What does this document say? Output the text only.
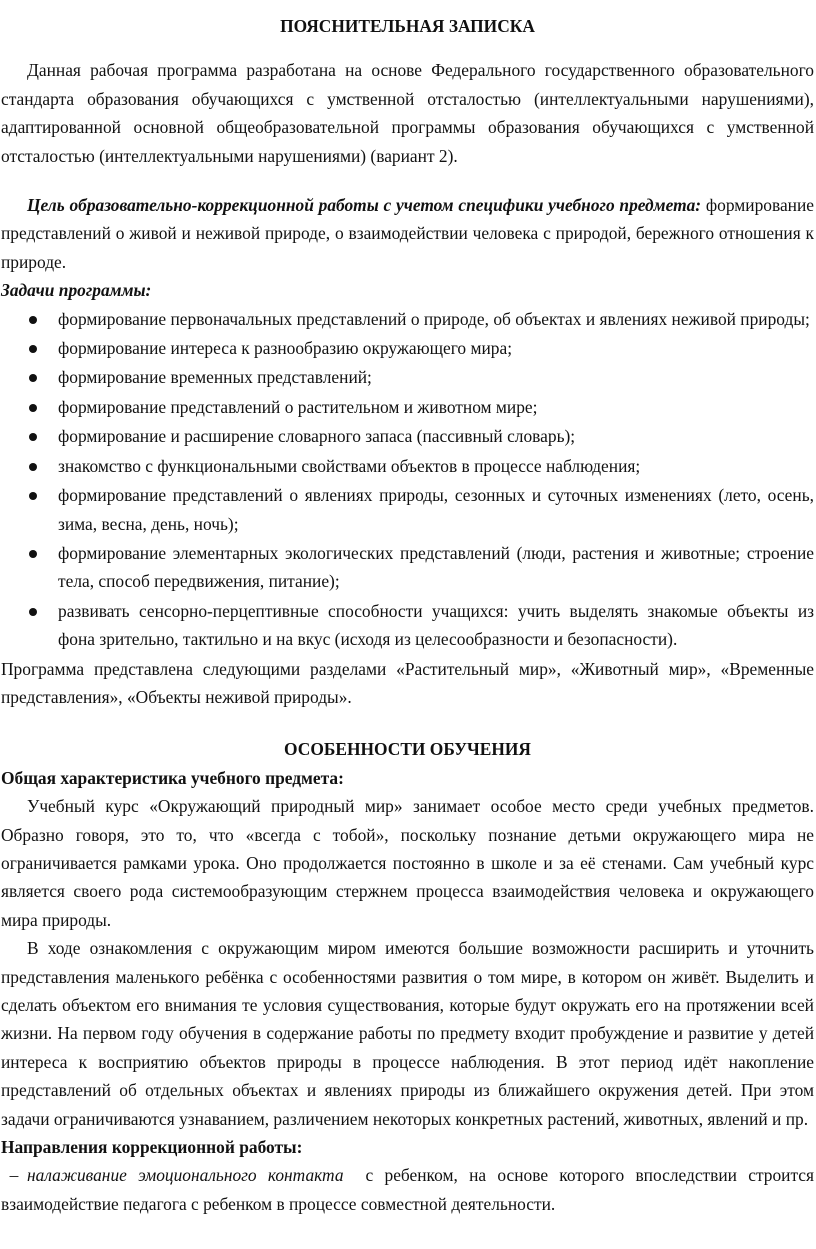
ПОЯСНИТЕЛЬНАЯ ЗАПИСКА

Данная рабочая программа разработана на основе Федерального государственного образовательного стандарта образования обучающихся с умственной отсталостью (интеллектуальными нарушениями), адаптированной основной общеобразовательной программы образования обучающихся с умственной отсталостью (интеллектуальными нарушениями) (вариант 2).

Цель образовательно-коррекционной работы с учетом специфики учебного предмета: формирование представлений о живой и неживой природе, о взаимодействии человека с природой, бережного отношения к природе.

Задачи программы:

формирование первоначальных представлений о природе, об объектах и явлениях неживой природы;
формирование интереса к разнообразию окружающего мира;
формирование временных представлений;
формирование представлений о растительном и животном мире;
формирование и расширение словарного запаса (пассивный словарь);
знакомство с функциональными свойствами объектов в процессе наблюдения;
формирование представлений о явлениях природы, сезонных и суточных изменениях (лето, осень, зима, весна, день, ночь);
формирование элементарных экологических представлений (люди, растения и животные; строение тела, способ передвижения, питание);
развивать сенсорно-перцептивные способности учащихся: учить выделять знакомые объекты из фона зрительно, тактильно и на вкус (исходя из целесообразности и безопасности).

Программа представлена следующими разделами «Растительный мир», «Животный мир», «Временные представления», «Объекты неживой природы».

ОСОБЕННОСТИ ОБУЧЕНИЯ

Общая характеристика учебного предмета:

Учебный курс «Окружающий природный мир» занимает особое место среди учебных предметов. Образно говоря, это то, что «всегда с тобой», поскольку познание детьми окружающего мира не ограничивается рамками урока. Оно продолжается постоянно в школе и за её стенами. Сам учебный курс является своего рода системообразующим стержнем процесса взаимодействия человека и окружающего мира природы.

В ходе ознакомления с окружающим миром имеются большие возможности расширить и уточнить представления маленького ребёнка с особенностями развития о том мире, в котором он живёт. Выделить и сделать объектом его внимания те условия существования, которые будут окружать его на протяжении всей жизни. На первом году обучения в содержание работы по предмету входит пробуждение и развитие у детей интереса к восприятию объектов природы в процессе наблюдения. В этот период идёт накопление представлений об отдельных объектах и явлениях природы из ближайшего окружения детей. При этом задачи ограничиваются узнаванием, различением некоторых конкретных растений, животных, явлений и пр.

Направления коррекционной работы:

– налаживание эмоционального контакта с ребенком, на основе которого впоследствии строится взаимодействие педагога с ребенком в процессе совместной деятельности.
